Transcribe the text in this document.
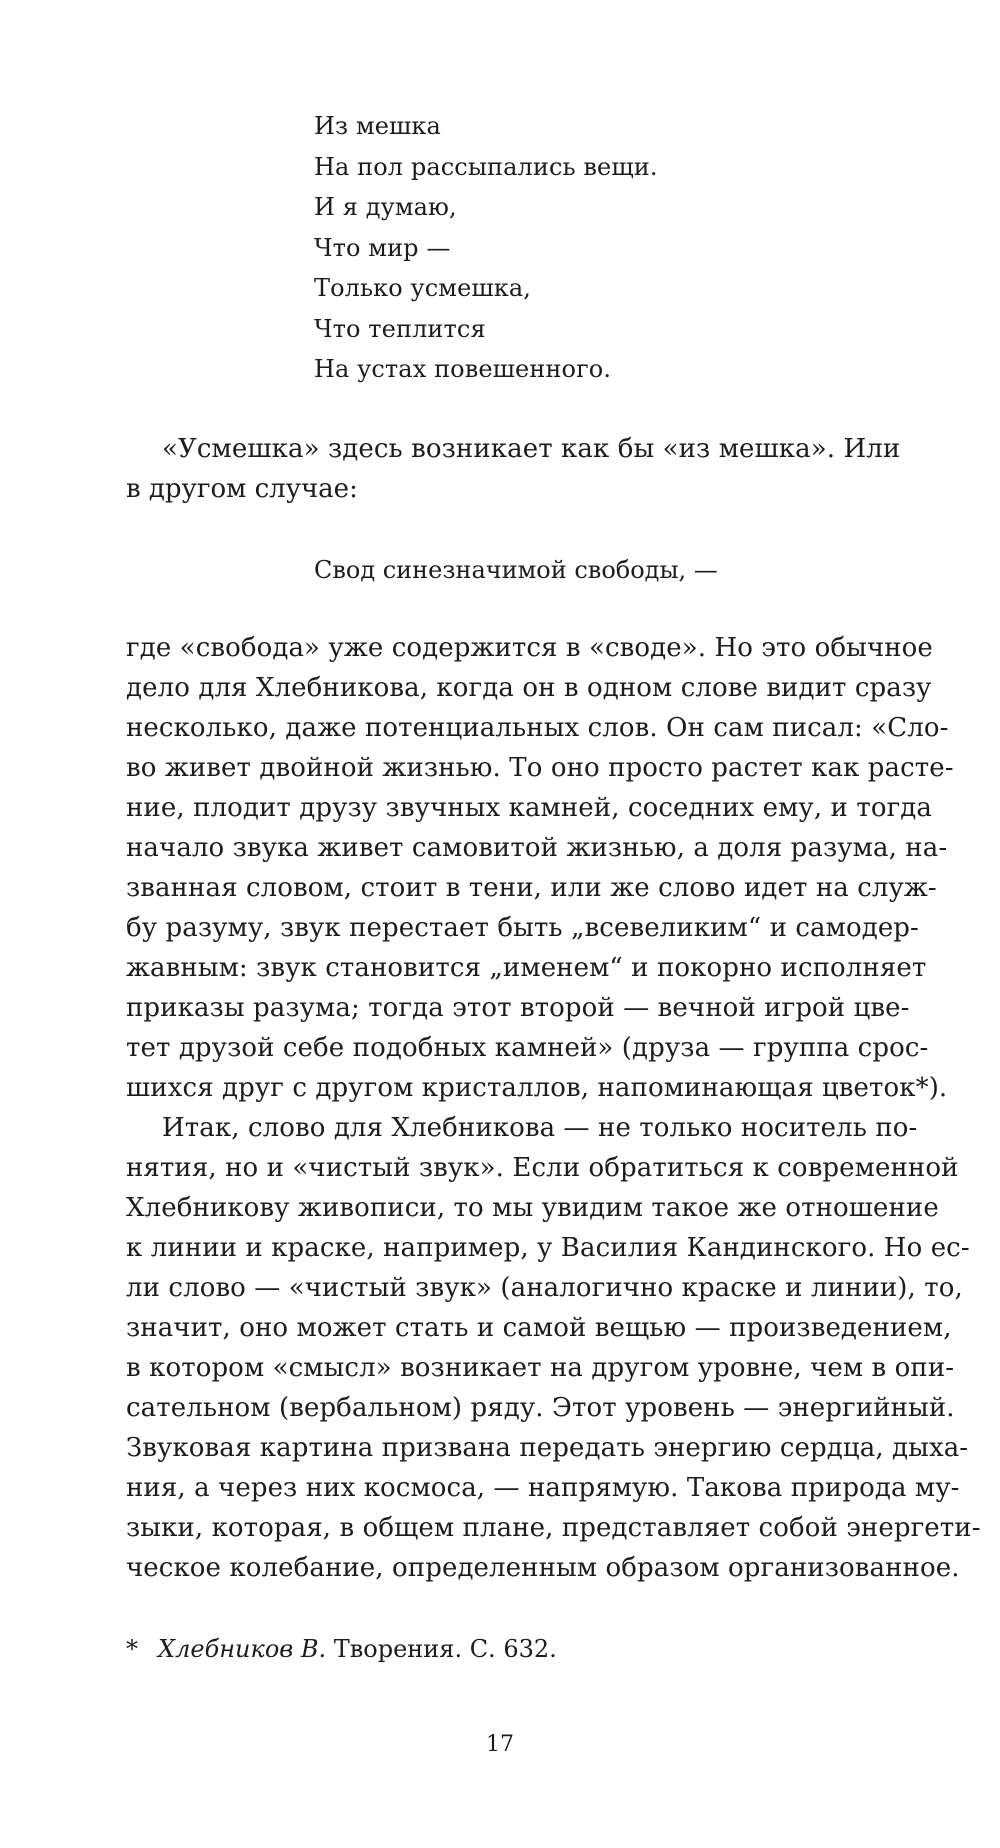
Из мешка
На пол рассыпались вещи.
И я думаю,
Что мир —
Только усмешка,
Что теплится
На устах повешенного.
«Усмешка» здесь возникает как бы «из мешка». Или
в другом случае:
Свод синезначимой свободы, —
где «свобода» уже содержится в «своде». Но это обычное
дело для Хлебникова, когда он в одном слове видит сразу
несколько, даже потенциальных слов. Он сам писал: «Сло-
во живет двойной жизнью. То оно просто растет как расте-
ние, плодит друзу звучных камней, соседних ему, и тогда
начало звука живет самовитой жизнью, а доля разума, на-
званная словом, стоит в тени, или же слово идет на служ-
бу разуму, звук перестает быть „всевеликим“ и самодер-
жавным: звук становится „именем“ и покорно исполняет
приказы разума; тогда этот второй — вечной игрой цве-
тет друзой себе подобных камней» (друза — группа срос-
шихся друг с другом кристаллов, напоминающая цветок*).
Итак, слово для Хлебникова — не только носитель по-
нятия, но и «чистый звук». Если обратиться к современной
Хлебникову живописи, то мы увидим такое же отношение
к линии и краске, например, у Василия Кандинского. Но ес-
ли слово — «чистый звук» (аналогично краске и линии), то,
значит, оно может стать и самой вещью — произведением,
в котором «смысл» возникает на другом уровне, чем в опи-
сательном (вербальном) ряду. Этот уровень — энергийный.
Звуковая картина призвана передать энергию сердца, дыха-
ния, а через них космоса, — напрямую. Такова природа му-
зыки, которая, в общем плане, представляет собой энергети-
ческое колебание, определенным образом организованное.
* Хлебников В. Творения. С. 632.
17
